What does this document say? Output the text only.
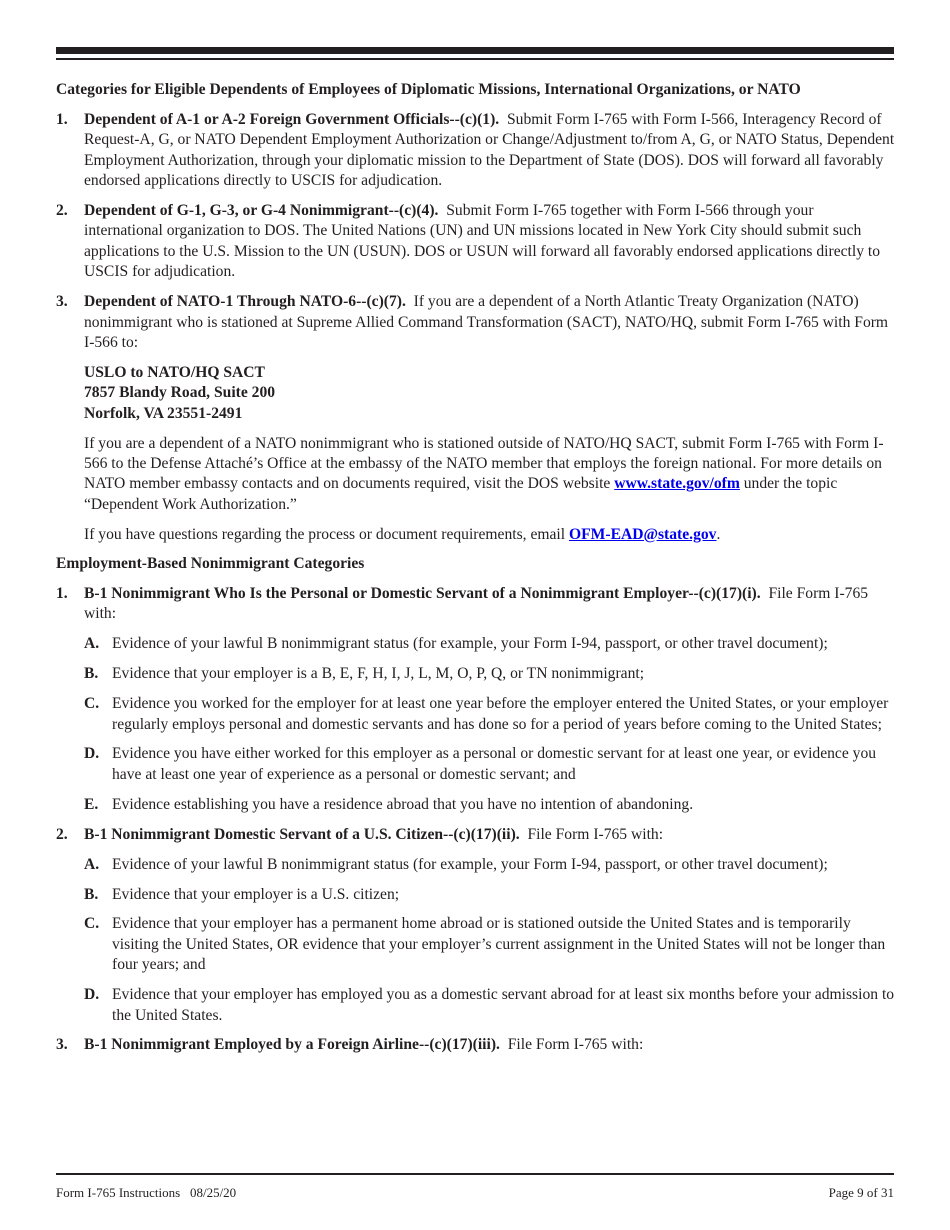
Categories for Eligible Dependents of Employees of Diplomatic Missions, International Organizations, or NATO

1.	Dependent of A-1 or A-2 Foreign Government Officials--(c)(1). Submit Form I-765 with Form I-566, Interagency Record of Request-A, G, or NATO Dependent Employment Authorization or Change/Adjustment to/from A, G, or NATO Status, Dependent Employment Authorization, through your diplomatic mission to the Department of State (DOS). DOS will forward all favorably endorsed applications directly to USCIS for adjudication.
2.	Dependent of G-1, G-3, or G-4 Nonimmigrant--(c)(4). Submit Form I-765 together with Form I-566 through your international organization to DOS. The United Nations (UN) and UN missions located in New York City should submit such applications to the U.S. Mission to the UN (USUN). DOS or USUN will forward all favorably endorsed applications directly to USCIS for adjudication.
3.	Dependent of NATO-1 Through NATO-6--(c)(7). If you are a dependent of a North Atlantic Treaty Organization (NATO) nonimmigrant who is stationed at Supreme Allied Command Transformation (SACT), NATO/HQ, submit Form I-765 with Form I-566 to:
USLO to NATO/HQ SACT
7857 Blandy Road, Suite 200
Norfolk, VA 23551-2491
If you are a dependent of a NATO nonimmigrant who is stationed outside of NATO/HQ SACT, submit Form I-765 with Form I-566 to the Defense Attaché’s Office at the embassy of the NATO member that employs the foreign national. For more details on NATO member embassy contacts and on documents required, visit the DOS website www.state.gov/ofm under the topic “Dependent Work Authorization.”
If you have questions regarding the process or document requirements, email OFM-EAD@state.gov.

Employment-Based Nonimmigrant Categories

1.	B-1 Nonimmigrant Who Is the Personal or Domestic Servant of a Nonimmigrant Employer--(c)(17)(i). File Form I-765 with:
A. Evidence of your lawful B nonimmigrant status (for example, your Form I-94, passport, or other travel document);
B. Evidence that your employer is a B, E, F, H, I, J, L, M, O, P, Q, or TN nonimmigrant;
C. Evidence you worked for the employer for at least one year before the employer entered the United States, or your employer regularly employs personal and domestic servants and has done so for a period of years before coming to the United States;
D. Evidence you have either worked for this employer as a personal or domestic servant for at least one year, or evidence you have at least one year of experience as a personal or domestic servant; and
E. Evidence establishing you have a residence abroad that you have no intention of abandoning.
2.	B-1 Nonimmigrant Domestic Servant of a U.S. Citizen--(c)(17)(ii). File Form I-765 with:
A. Evidence of your lawful B nonimmigrant status (for example, your Form I-94, passport, or other travel document);
B. Evidence that your employer is a U.S. citizen;
C. Evidence that your employer has a permanent home abroad or is stationed outside the United States and is temporarily visiting the United States, OR evidence that your employer’s current assignment in the United States will not be longer than four years; and
D. Evidence that your employer has employed you as a domestic servant abroad for at least six months before your admission to the United States.
3.	B-1 Nonimmigrant Employed by a Foreign Airline--(c)(17)(iii). File Form I-765 with:
Form I-765 Instructions   08/25/20	Page 9 of 31
